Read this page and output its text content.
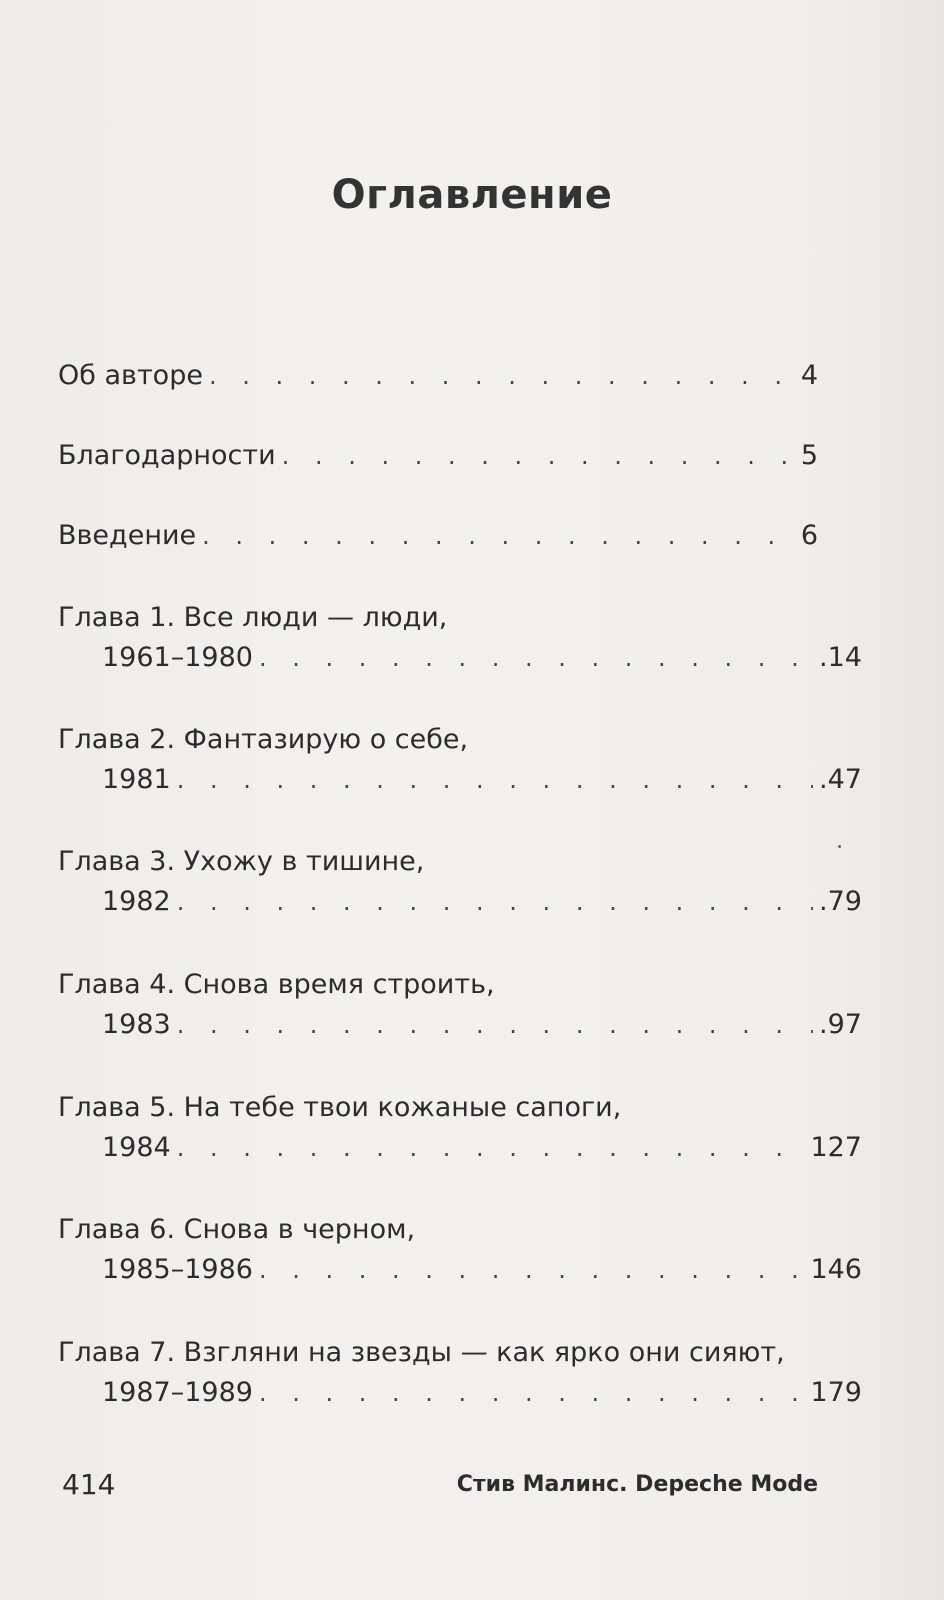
Оглавление
Об авторе . . .	4
Благодарности . . .	5
Введение . . .	6
Глава 1. Все люди — люди,
1961–1980 . . .	.14
Глава 2. Фантазирую о себе,
1981 . . .	.47
Глава 3. Ухожу в тишине,
1982 . . .	.79
Глава 4. Снова время строить,
1983 . . .	.97
Глава 5. На тебе твои кожаные сапоги,
1984 . . .	127
Глава 6. Снова в черном,
1985–1986 . . .	146
Глава 7. Взгляни на звезды — как ярко они сияют,
1987–1989 . . .	179
414	Стив Малинс. Depeche Mode
